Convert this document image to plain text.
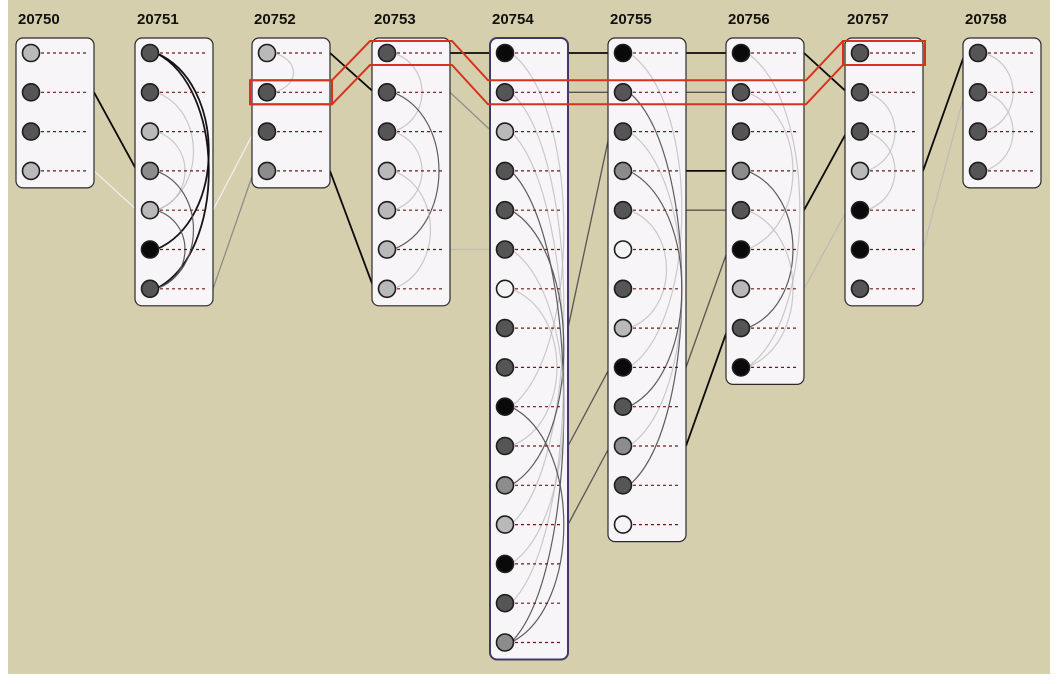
20750	20751	20752	20753	20754	20755	20756	20757	20758
